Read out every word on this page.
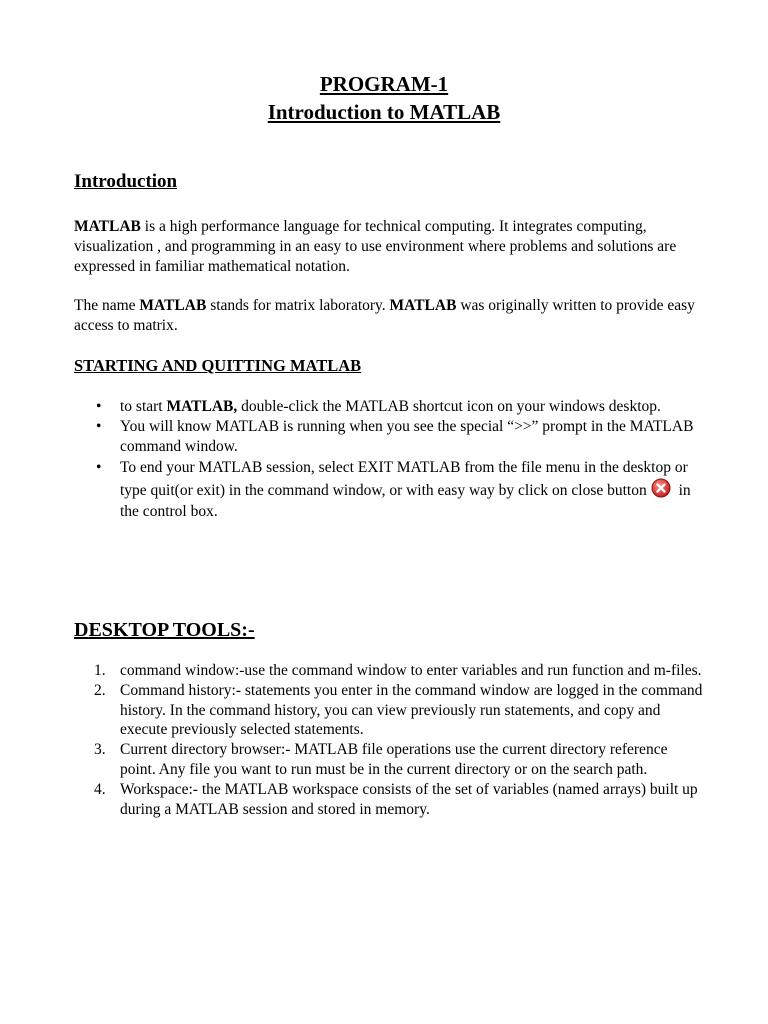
PROGRAM-1
Introduction to MATLAB
Introduction

MATLAB is a high performance language for technical computing. It integrates computing, visualization , and programming in an easy to use environment where problems and solutions are expressed in familiar mathematical notation.

The name MATLAB stands for matrix laboratory. MATLAB was originally written to provide easy access to matrix.

STARTING AND QUITTING MATLAB
• to start MATLAB, double-click the MATLAB shortcut icon on your windows desktop.
• You will know MATLAB is running when you see the special “>>” prompt in the MATLAB command window.
• To end your MATLAB session, select EXIT MATLAB from the file menu in the desktop or type quit(or exit) in the command window, or with easy way by click on close button in the control box.
DESKTOP TOOLS:-
1. command window:-use the command window to enter variables and run function and m-files.
2. Command history:- statements you enter in the command window are logged in the command history. In the command history, you can view previously run statements, and copy and execute previously selected statements.
3. Current directory browser:- MATLAB file operations use the current directory reference point. Any file you want to run must be in the current directory or on the search path.
4. Workspace:- the MATLAB workspace consists of the set of variables (named arrays) built up during a MATLAB session and stored in memory.
